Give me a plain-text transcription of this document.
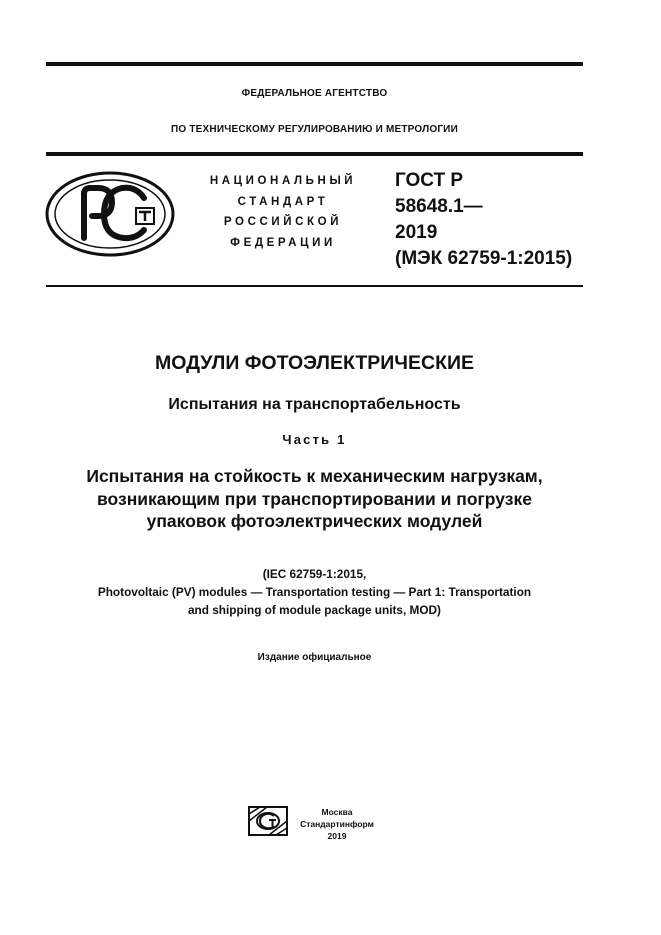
ФЕДЕРАЛЬНОЕ АГЕНТСТВО
ПО ТЕХНИЧЕСКОМУ РЕГУЛИРОВАНИЮ И МЕТРОЛОГИИ
НАЦИОНАЛЬНЫЙ
СТАНДАРТ
РОССИЙСКОЙ
ФЕДЕРАЦИИ
ГОСТ Р
58648.1—
2019
(МЭК 62759-1:2015)
МОДУЛИ ФОТОЭЛЕКТРИЧЕСКИЕ
Испытания на транспортабельность
Часть 1
Испытания на стойкость к механическим нагрузкам,
возникающим при транспортировании и погрузке
упаковок фотоэлектрических модулей
(IEC 62759-1:2015,
Photovoltaic (PV) modules — Transportation testing — Part 1: Transportation
and shipping of module package units, MOD)
Издание официальное
Москва
Стандартинформ
2019
